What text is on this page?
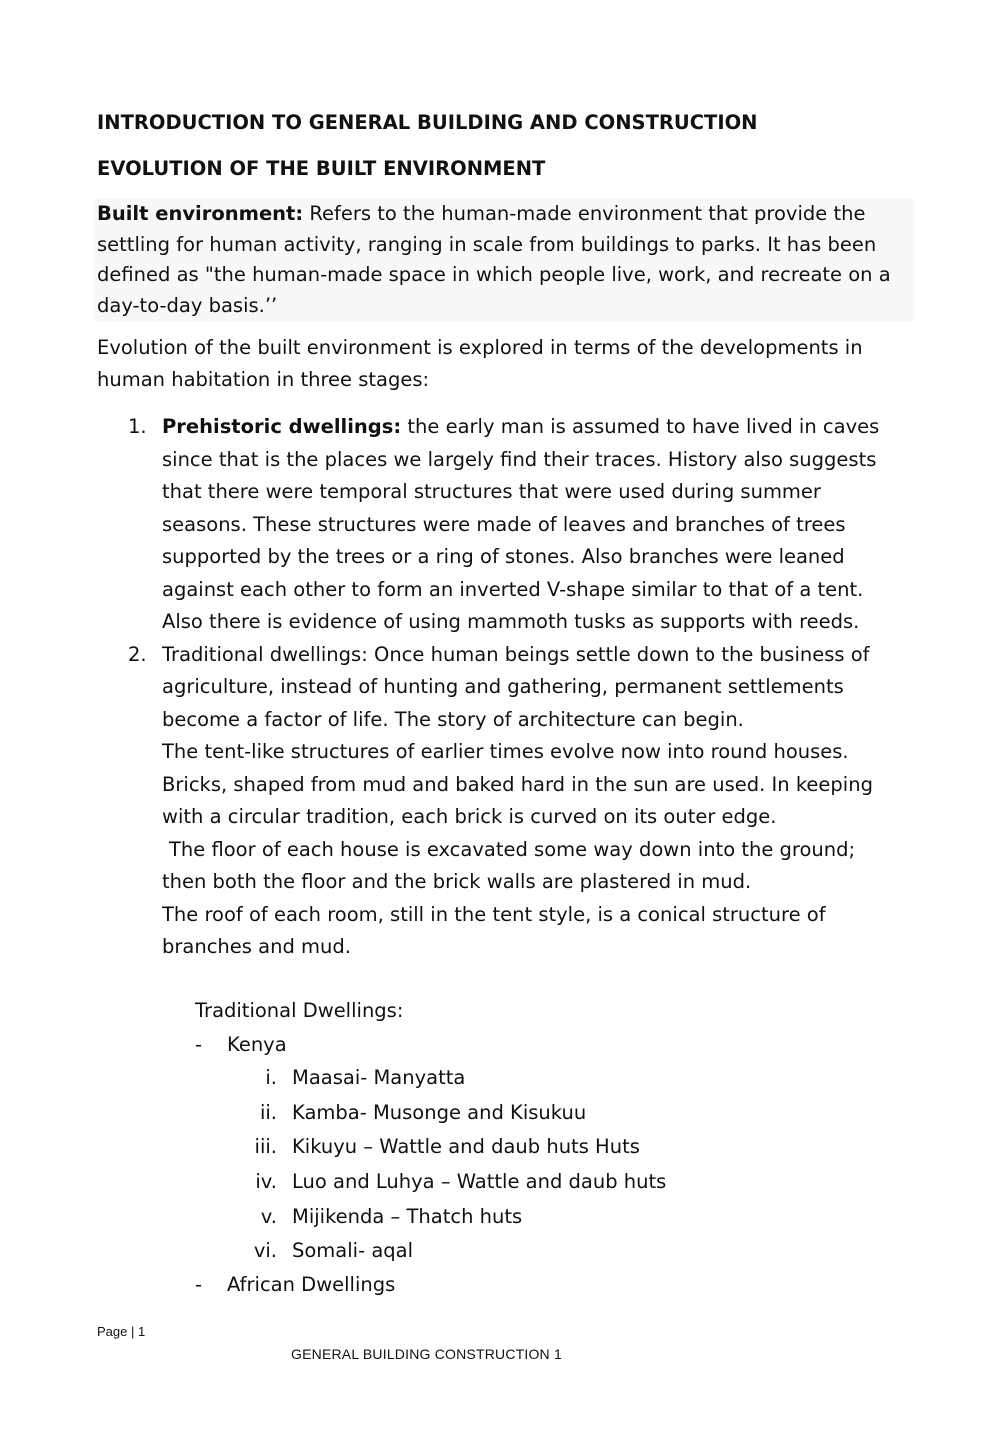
INTRODUCTION TO GENERAL BUILDING AND CONSTRUCTION
EVOLUTION OF THE BUILT ENVIRONMENT

Built environment: Refers to the human-made environment that provide the
settling for human activity, ranging in scale from buildings to parks. It has been
defined as "the human-made space in which people live, work, and recreate on a
day-to-day basis.’’

Evolution of the built environment is explored in terms of the developments in
human habitation in three stages:

1. Prehistoric dwellings: the early man is assumed to have lived in caves
since that is the places we largely find their traces. History also suggests
that there were temporal structures that were used during summer
seasons. These structures were made of leaves and branches of trees
supported by the trees or a ring of stones. Also branches were leaned
against each other to form an inverted V-shape similar to that of a tent.
Also there is evidence of using mammoth tusks as supports with reeds.
2. Traditional dwellings: Once human beings settle down to the business of
agriculture, instead of hunting and gathering, permanent settlements
become a factor of life. The story of architecture can begin.
The tent-like structures of earlier times evolve now into round houses.
Bricks, shaped from mud and baked hard in the sun are used. In keeping
with a circular tradition, each brick is curved on its outer edge.
The floor of each house is excavated some way down into the ground;
then both the floor and the brick walls are plastered in mud.
The roof of each room, still in the tent style, is a conical structure of
branches and mud.

Traditional Dwellings:

- Kenya
i. Maasai- Manyatta
ii. Kamba- Musonge and Kisukuu
iii. Kikuyu – Wattle and daub huts Huts
iv. Luo and Luhya – Wattle and daub huts
v. Mijikenda – Thatch huts
vi. Somali- aqal
- African Dwellings
Page | 1
GENERAL BUILDING CONSTRUCTION 1
